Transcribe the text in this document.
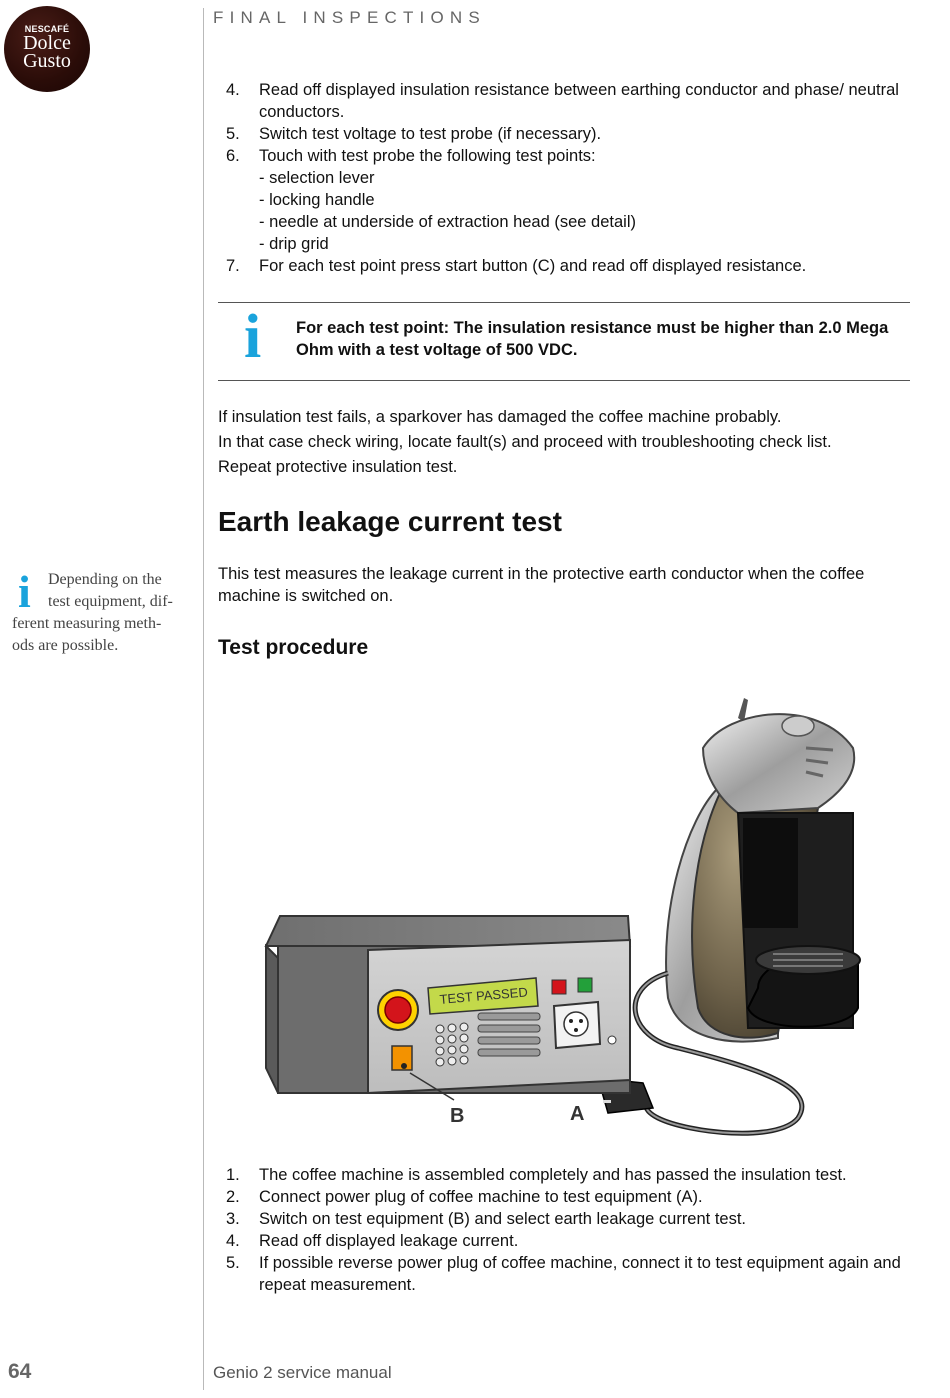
NESCAFÉ
Dolce
Gusto
FINAL INSPECTIONS
4. Read off displayed insulation resistance between earthing conductor and phase/ neutral conductors.
5. Switch test voltage to test probe (if necessary).
6. Touch with test probe the following test points:
- selection lever
- locking handle
- needle at underside of extraction head (see detail)
- drip grid
7. For each test point press start button (C) and read off displayed resistance.
i For each test point: The insulation resistance must be higher than 2.0 Mega Ohm with a test voltage of 500 VDC.
If insulation test fails, a sparkover has damaged the coffee machine probably.
In that case check wiring, locate fault(s) and proceed with troubleshooting check list.
Repeat protective insulation test.
Earth leakage current test
i	Depending on the
test equipment, dif-
ferent measuring meth-
ods are possible.
This test measures the leakage current in the protective earth conductor when the coffee machine is switched on.
Test procedure
TEST PASSED
B	A
1. The coffee machine is assembled completely and has passed the insulation test.
2. Connect power plug of coffee machine to test equipment (A).
3. Switch on test equipment (B) and select earth leakage current test.
4. Read off displayed leakage current.
5. If possible reverse power plug of coffee machine, connect it to test equipment again and repeat measurement.
64	Genio 2 service manual
